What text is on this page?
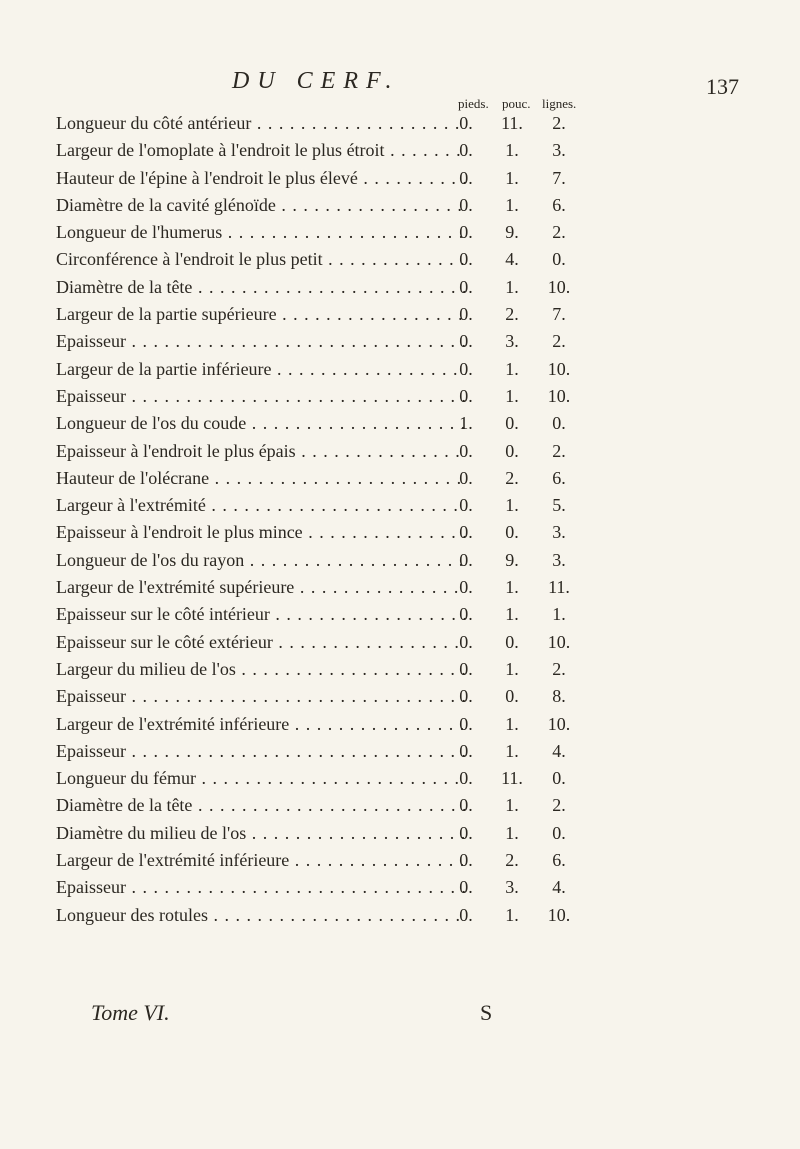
DU CERF.	137
pieds. pouc. lignes.
Longueur du côté antérieur . . .	0.	11.	2.
Largeur de l'omoplate à l'endroit le plus étroit . . .	0.	1.	3.
Hauteur de l'épine à l'endroit le plus élevé . . .	0.	1.	7.
Diamètre de la cavité glénoïde . . .	0.	1.	6.
Longueur de l'humerus . . .	0.	9.	2.
Circonférence à l'endroit le plus petit . . .	0.	4.	0.
Diamètre de la tête . . .	0.	1.	10.
Largeur de la partie supérieure . . .	0.	2.	7.
Epaisseur . . .	0.	3.	2.
Largeur de la partie inférieure . . .	0.	1.	10.
Epaisseur . . .	0.	1.	10.
Longueur de l'os du coude . . .	1.	0.	0.
Epaisseur à l'endroit le plus épais . . .	0.	0.	2.
Hauteur de l'olécrane . . .	0.	2.	6.
Largeur à l'extrémité . . .	0.	1.	5.
Epaisseur à l'endroit le plus mince . . .	0.	0.	3.
Longueur de l'os du rayon . . .	0.	9.	3.
Largeur de l'extrémité supérieure . . .	0.	1.	11.
Epaisseur sur le côté intérieur . . .	0.	1.	1.
Epaisseur sur le côté extérieur . . .	0.	0.	10.
Largeur du milieu de l'os . . .	0.	1.	2.
Epaisseur . . .	0.	0.	8.
Largeur de l'extrémité inférieure . . .	0.	1.	10.
Epaisseur . . .	0.	1.	4.
Longueur du fémur . . .	0.	11.	0.
Diamètre de la tête . . .	0.	1.	2.
Diamètre du milieu de l'os . . .	0.	1.	0.
Largeur de l'extrémité inférieure . . .	0.	2.	6.
Epaisseur . . .	0.	3.	4.
Longueur des rotules . . .	0.	1.	10.
Tome VI.	S
